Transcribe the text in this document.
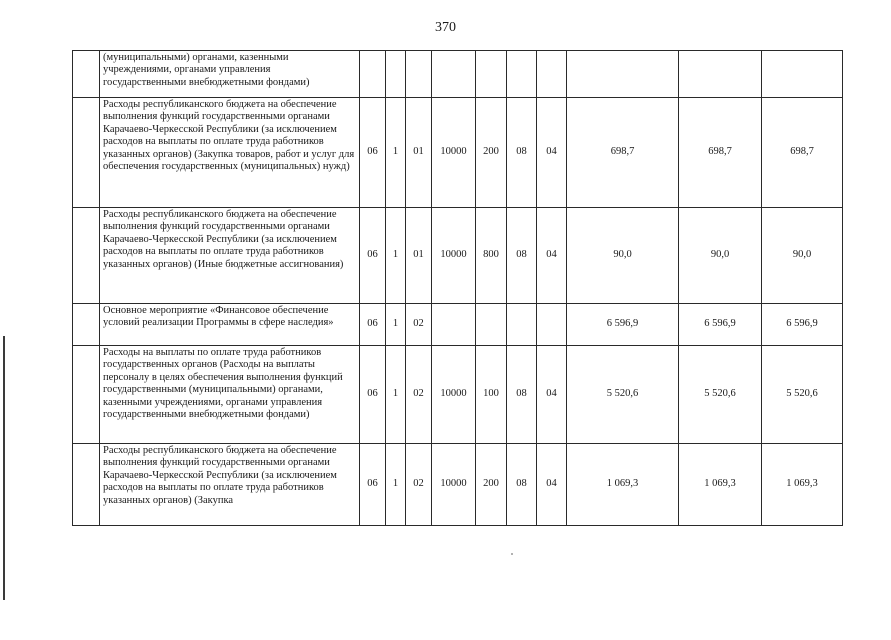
370
	(муниципальными) органами, казенными учреждениями, органами управления государственными внебюджетными фондами)										
	Расходы республиканского бюджета на обеспечение выполнения функций государственными органами Карачаево-Черкесской Республики (за исключением расходов на выплаты по оплате труда работников указанных органов) (Закупка товаров, работ и услуг для обеспечения государственных (муниципальных) нужд)	06	1	01	10000	200	08	04	698,7	698,7	698,7
	Расходы республиканского бюджета на обеспечение выполнения функций государственными органами Карачаево-Черкесской Республики (за исключением расходов на выплаты по оплате труда работников указанных органов) (Иные бюджетные ассигнования)	06	1	01	10000	800	08	04	90,0	90,0	90,0
	Основное мероприятие «Финансовое обеспечение условий реализации Программы в сфере наследия»	06	1	02					6 596,9	6 596,9	6 596,9
	Расходы на выплаты по оплате труда работников государственных органов (Расходы на выплаты персоналу в целях обеспечения выполнения функций государственными (муниципальными) органами, казенными учреждениями, органами управления государственными внебюджетными фондами)	06	1	02	10000	100	08	04	5 520,6	5 520,6	5 520,6
	Расходы республиканского бюджета на обеспечение выполнения функций государственными органами Карачаево-Черкесской Республики (за исключением расходов на выплаты по оплате труда работников указанных органов) (Закупка	06	1	02	10000	200	08	04	1 069,3	1 069,3	1 069,3
